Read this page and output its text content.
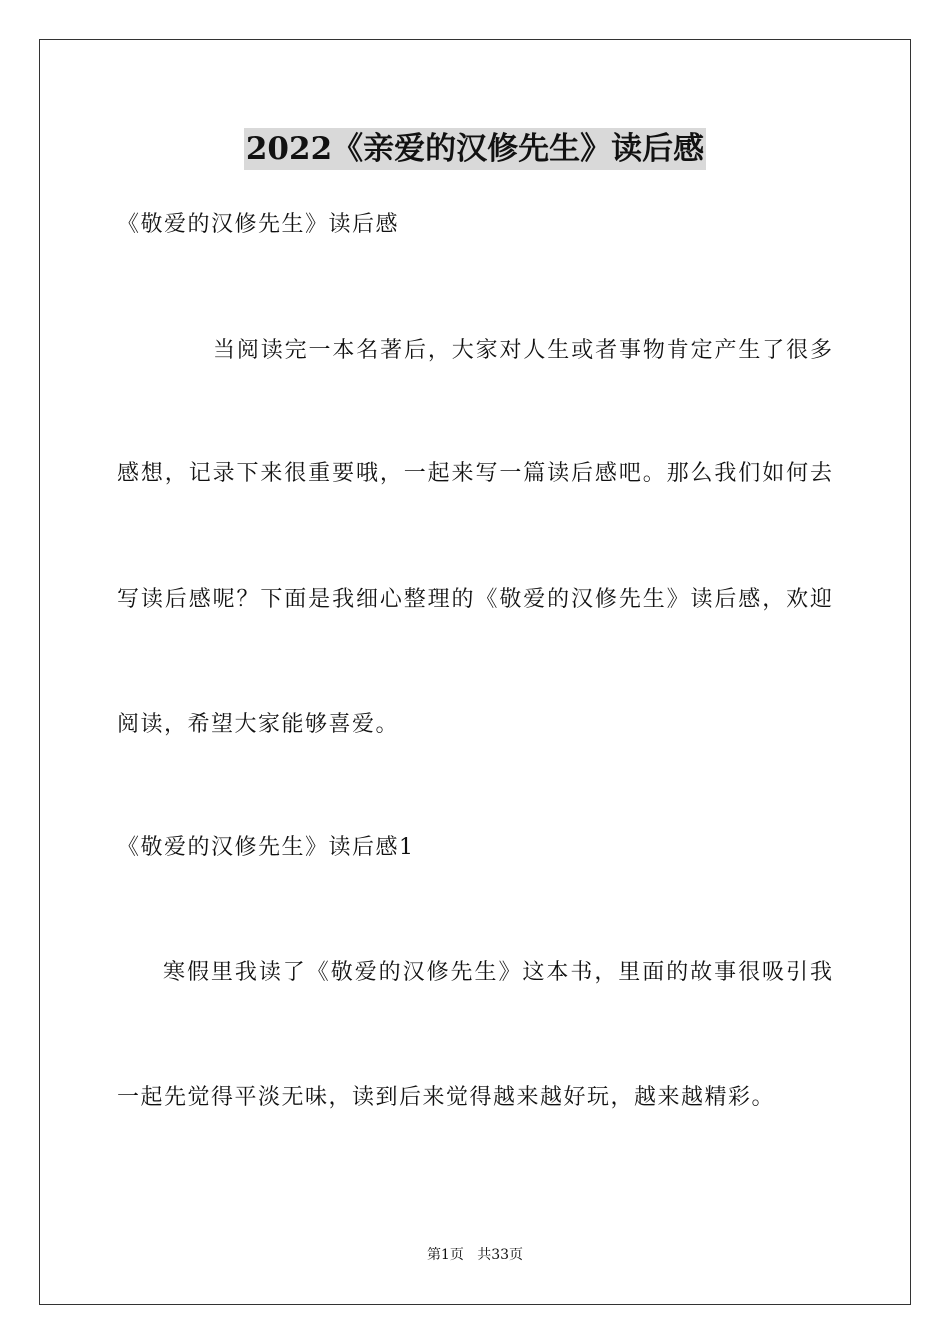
2022《亲爱的汉修先生》读后感
《敬爱的汉修先生》读后感
当阅读完一本名著后，大家对人生或者事物肯定产生了很多
感想，记录下来很重要哦，一起来写一篇读后感吧。那么我们如何去
写读后感呢？下面是我细心整理的《敬爱的汉修先生》读后感，欢迎
阅读，希望大家能够喜爱。
《敬爱的汉修先生》读后感1
寒假里我读了《敬爱的汉修先生》这本书，里面的故事很吸引我
一起先觉得平淡无味，读到后来觉得越来越好玩，越来越精彩。
第1页 共33页
